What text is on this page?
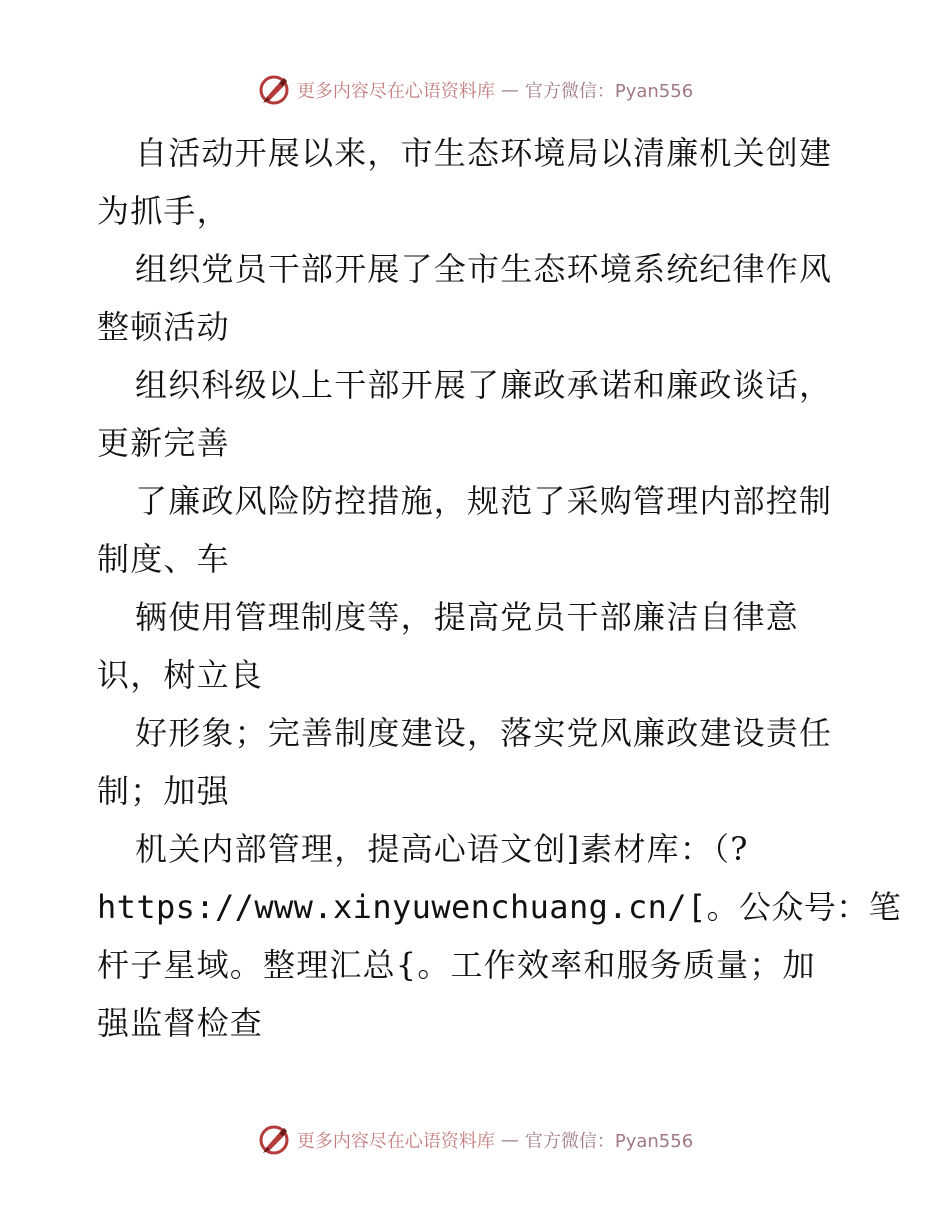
更多内容尽在心语资料库 — 官方微信：Pyan556
自活动开展以来，市生态环境局以清廉机关创建
为抓手，
组织党员干部开展了全市生态环境系统纪律作风
整顿活动
组织科级以上干部开展了廉政承诺和廉政谈话，
更新完善
了廉政风险防控措施，规范了采购管理内部控制
制度、车
辆使用管理制度等，提高党员干部廉洁自律意
识，树立良
好形象；完善制度建设，落实党风廉政建设责任
制；加强
机关内部管理，提高心语文创]素材库：（?
https://www.xinyuwenchuang.cn/[。公众号：笔
杆子星域。整理汇总{。工作效率和服务质量；加
强监督检查
更多内容尽在心语资料库 — 官方微信：Pyan556
